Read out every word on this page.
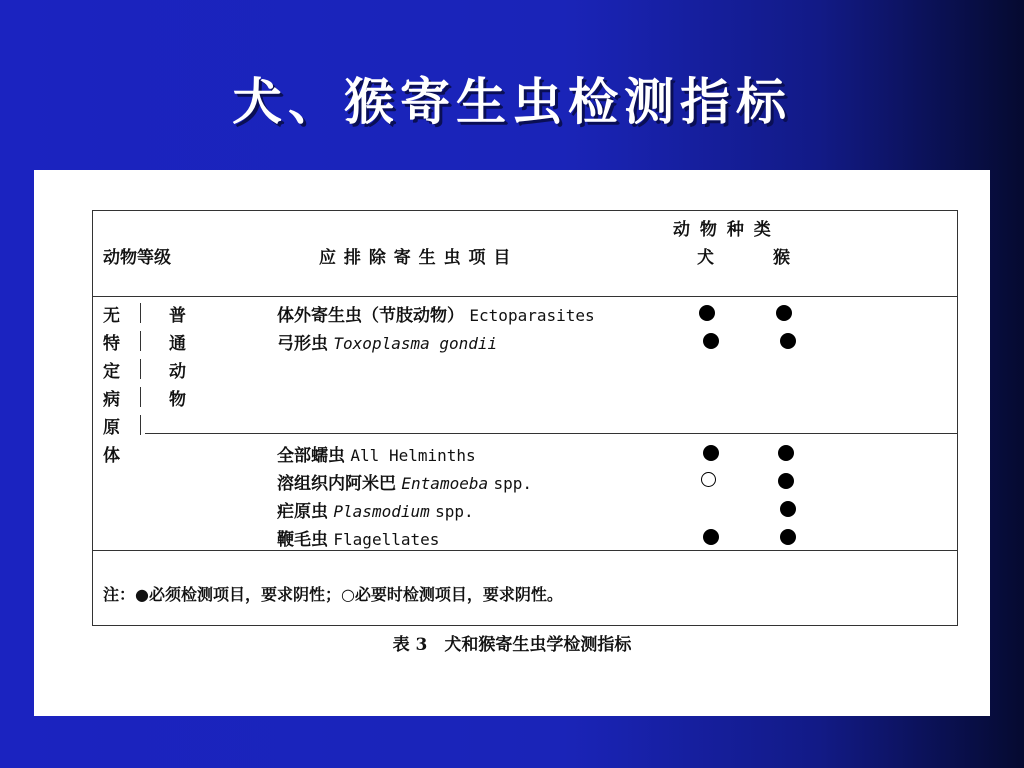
犬、猴寄生虫检测指标
动物等级	应 排 除 寄 生 虫 项 目
动 物 种 类
犬	猴
无
特
定
病
原
体
普
通
动
物
体外寄生虫（节肢动物） Ectoparasites
弓形虫 Toxoplasma gondii
全部蠕虫 All Helminths
溶组织内阿米巴 Entamoeba spp.
疟原虫 Plasmodium spp.
鞭毛虫 Flagellates
注：●必须检测项目，要求阴性；○必要时检测项目，要求阴性。
表 3　犬和猴寄生虫学检测指标
